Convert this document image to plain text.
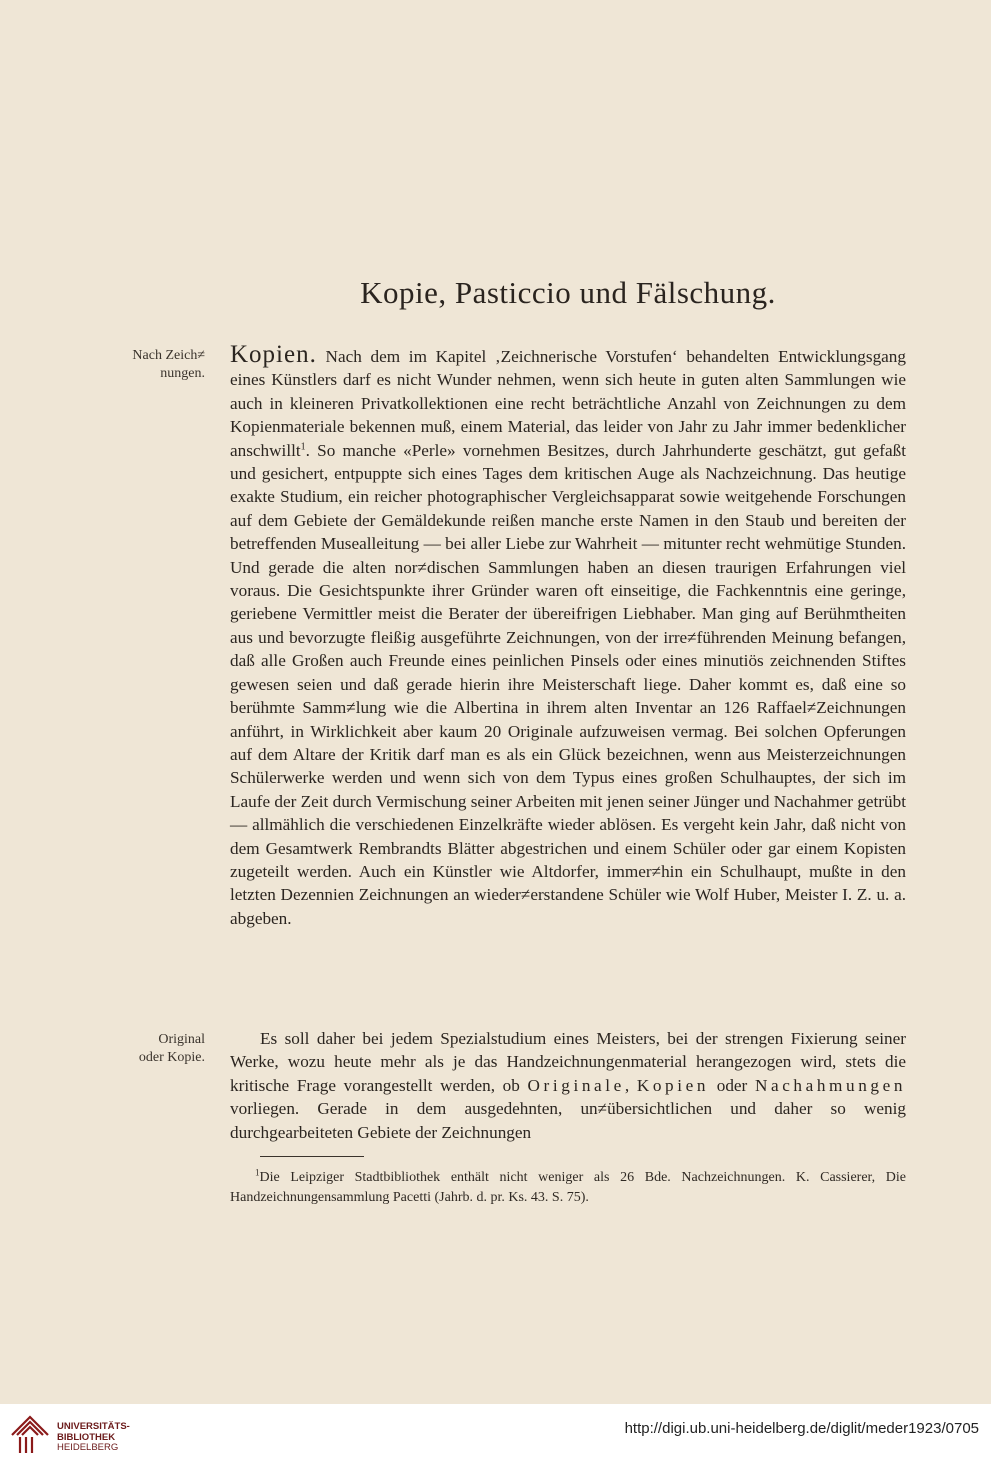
Kopie, Pasticcio und Fälschung.
Nach Zeich≠
nungen.
Original
oder Kopie.
Kopien. Nach dem im Kapitel ‚Zeichnerische Vorstufen‘ behandelten Entwicklungsgang eines Künstlers darf es nicht Wunder nehmen, wenn sich heute in guten alten Sammlungen wie auch in kleineren Privatkollektionen eine recht beträchtliche Anzahl von Zeichnungen zu dem Kopienmateriale bekennen muß, einem Material, das leider von Jahr zu Jahr immer bedenklicher anschwillt$^1$. So manche «Perle» vornehmen Besitzes, durch Jahrhunderte geschätzt, gut gefaßt und gesichert, entpuppte sich eines Tages dem kritischen Auge als Nachzeichnung. Das heutige exakte Studium, ein reicher photographischer Vergleichsapparat sowie weitgehende Forschungen auf dem Gebiete der Gemäldekunde reißen manche erste Namen in den Staub und bereiten der betreffenden Musealleitung — bei aller Liebe zur Wahrheit — mitunter recht wehmütige Stunden. Und gerade die alten nor≠dischen Sammlungen haben an diesen traurigen Erfahrungen viel voraus. Die Gesichtspunkte ihrer Gründer waren oft einseitige, die Fachkenntnis eine geringe, geriebene Vermittler meist die Berater der übereifrigen Liebhaber. Man ging auf Berühmtheiten aus und bevorzugte fleißig ausgeführte Zeichnungen, von der irre≠führenden Meinung befangen, daß alle Großen auch Freunde eines peinlichen Pinsels oder eines minutiös zeichnenden Stiftes gewesen seien und daß gerade hierin ihre Meisterschaft liege. Daher kommt es, daß eine so berühmte Samm≠lung wie die Albertina in ihrem alten Inventar an 126 Raffael≠Zeichnungen anführt, in Wirklichkeit aber kaum 20 Originale aufzuweisen vermag. Bei solchen Opferungen auf dem Altare der Kritik darf man es als ein Glück bezeichnen, wenn aus Meisterzeichnungen Schülerwerke werden und wenn sich von dem Typus eines großen Schulhauptes, der sich im Laufe der Zeit durch Vermischung seiner Arbeiten mit jenen seiner Jünger und Nachahmer getrübt — allmählich die verschiedenen Einzelkräfte wieder ablösen. Es vergeht kein Jahr, daß nicht von dem Gesamtwerk Rembrandts Blätter abgestrichen und einem Schüler oder gar einem Kopisten zugeteilt werden. Auch ein Künstler wie Altdorfer, immer≠hin ein Schulhaupt, mußte in den letzten Dezennien Zeichnungen an wieder≠erstandene Schüler wie Wolf Huber, Meister I. Z. u. a. abgeben.
Es soll daher bei jedem Spezialstudium eines Meisters, bei der strengen Fixierung seiner Werke, wozu heute mehr als je das Handzeichnungenmaterial herangezogen wird, stets die kritische Frage vorangestellt werden, ob Originale, Kopien oder Nachahmungen vorliegen. Gerade in dem ausgedehnten, un≠übersichtlichen und daher so wenig durchgearbeiteten Gebiete der Zeichnungen
$^1$Die Leipziger Stadtbibliothek enthält nicht weniger als 26 Bde. Nachzeichnungen. K. Cassierer, Die Handzeichnungensammlung Pacetti (Jahrb. d. pr. Ks. 43. S. 75).
UNIVERSITÄTS-
BIBLIOTHEK
HEIDELBERG
http://digi.ub.uni-heidelberg.de/diglit/meder1923/0705
